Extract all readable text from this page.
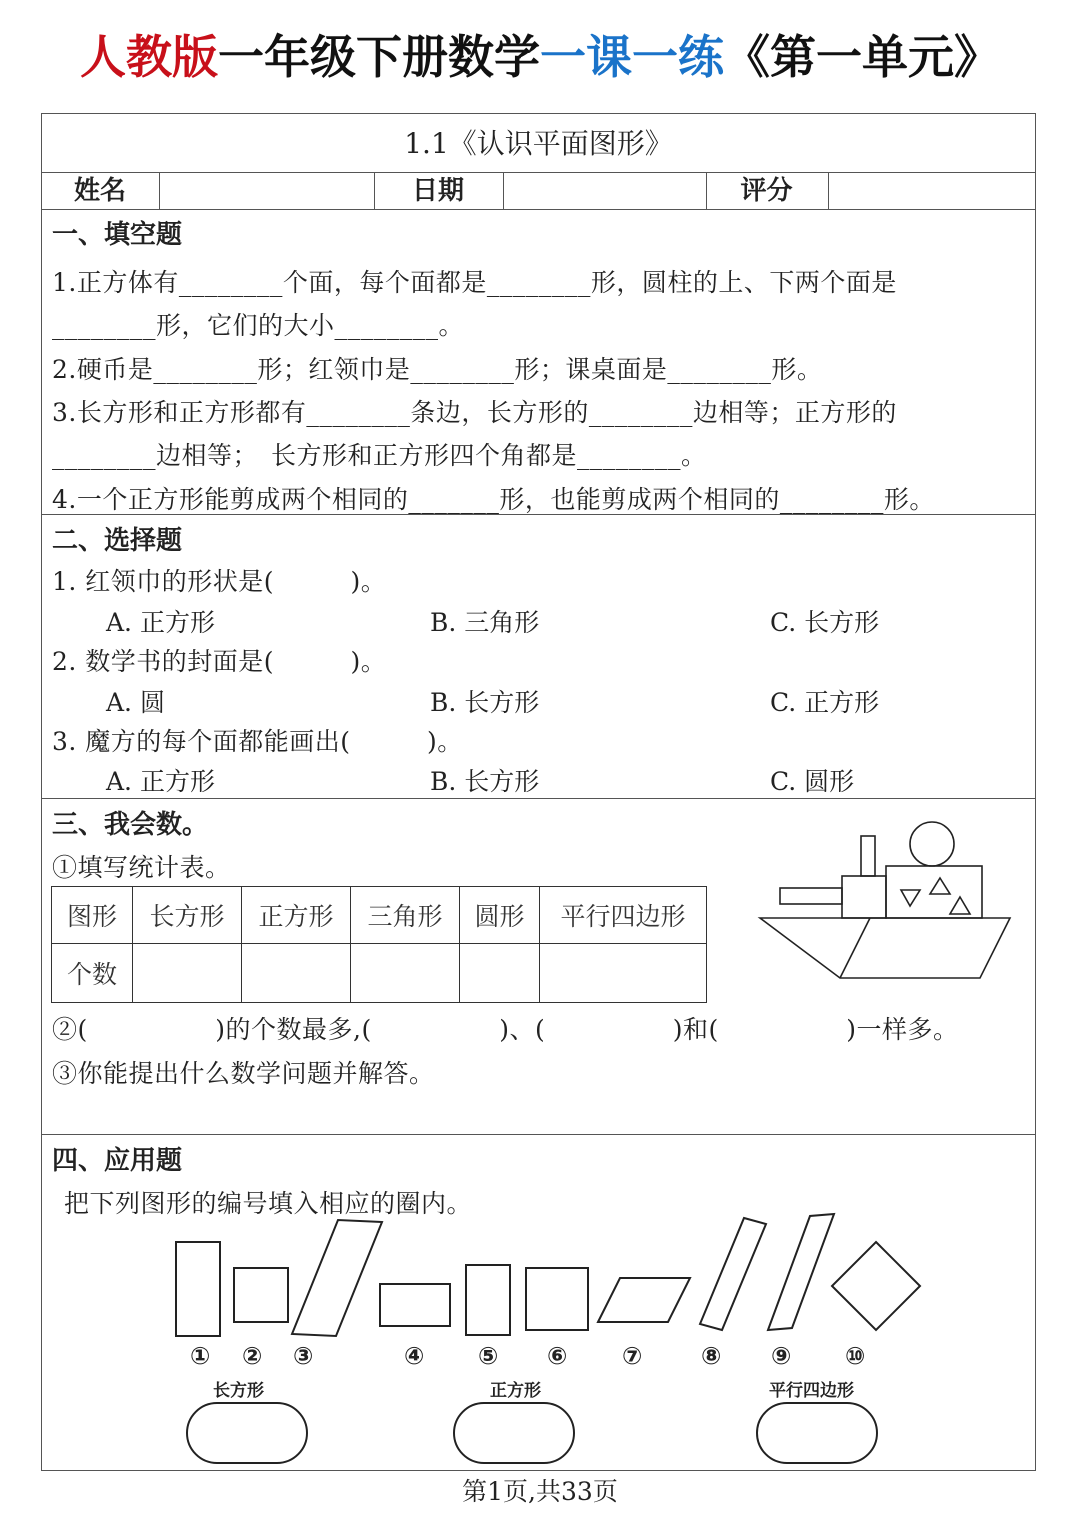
人教版一年级下册数学一课一练《第一单元》
1.1《认识平面图形》
姓名	日期	评分
一、填空题
1.正方体有________个面，每个面都是________形，圆柱的上、下两个面是
________形，它们的大小________。
2.硬币是________形；红领巾是________形；课桌面是________形。
3.长方形和正方形都有________条边，长方形的________边相等；正方形的
________边相等；　长方形和正方形四个角都是________。
4.一个正方形能剪成两个相同的_______形，也能剪成两个相同的________形。
二、选择题
1. 红领巾的形状是(　　　)。
A. 正方形	B. 三角形	C. 长方形
2. 数学书的封面是(　　　)。
A. 圆	B. 长方形	C. 正方形
3. 魔方的每个面都能画出(　　　)。
A. 正方形	B. 长方形	C. 圆形
三、我会数。
①填写统计表。
图形	长方形	正方形	三角形	圆形	平行四边形
个数					
②(　　　　　)的个数最多,(　　　　　)、(　　　　　)和(　　　　　)一样多。
③你能提出什么数学问题并解答。
四、应用题
把下列图形的编号填入相应的圈内。
① ② ③	④ ⑤ ⑥ ⑦ ⑧ ⑨ ⑩
长方形	正方形	平行四边形
第1页,共33页
